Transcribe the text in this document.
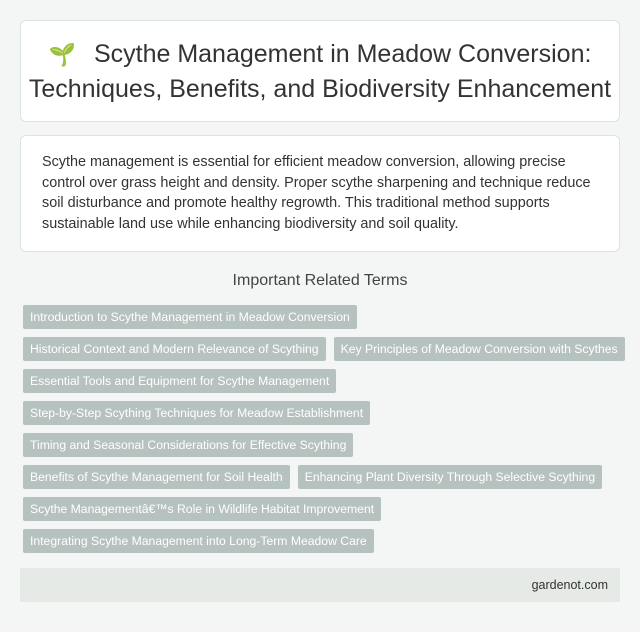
🌱 Scythe Management in Meadow Conversion: Techniques, Benefits, and Biodiversity Enhancement

Scythe management is essential for efficient meadow conversion, allowing precise control over grass height and density. Proper scythe sharpening and technique reduce soil disturbance and promote healthy regrowth. This traditional method supports sustainable land use while enhancing biodiversity and soil quality.

Important Related Terms
Introduction to Scythe Management in Meadow Conversion
Historical Context and Modern Relevance of Scything	Key Principles of Meadow Conversion with Scythes
Essential Tools and Equipment for Scythe Management
Step-by-Step Scything Techniques for Meadow Establishment
Timing and Seasonal Considerations for Effective Scything
Benefits of Scythe Management for Soil Health	Enhancing Plant Diversity Through Selective Scything
Scythe Managementâ€™s Role in Wildlife Habitat Improvement
Integrating Scythe Management into Long-Term Meadow Care
gardenot.com
